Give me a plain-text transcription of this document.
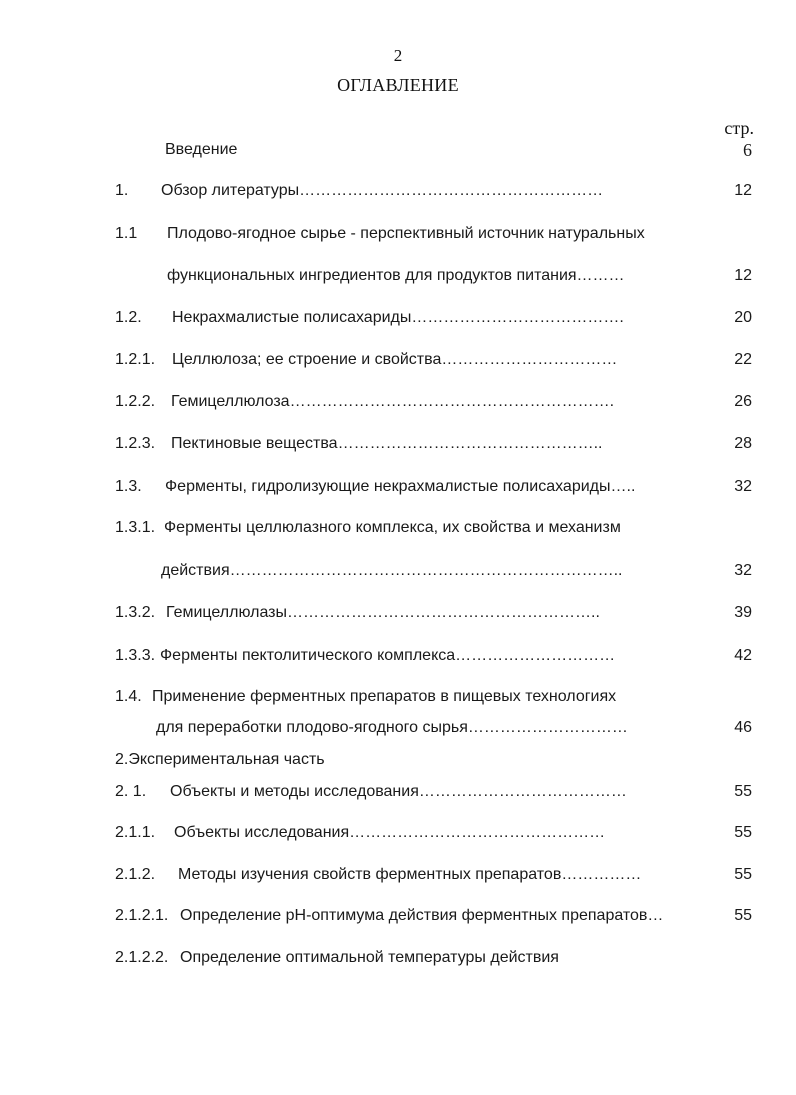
2
ОГЛАВЛЕНИЕ
стр.
Введение	6
1. Обзор литературы…………………………………………………	12
1.1 Плодово-ягодное сырье - перспективный источник натуральных
функциональных ингредиентов для продуктов питания………	12
1.2. Некрахмалистые полисахариды………………………………….	20
1.2.1. Целлюлоза; ее строение и свойства……………………………	22
1.2.2. Гемицеллюлоза…………………………………………………….	26
1.2.3. Пектиновые вещества…………………………………………..	28
1.3. Ферменты, гидролизующие некрахмалистые полисахариды…..	32
1.3.1. Ферменты целлюлазного комплекса, их свойства и механизм
действия………………………………………………………………..	32
1.3.2. Гемицеллюлазы…………………………………………………..	39
1.3.3. Ферменты пектолитического комплекса…………………………	42
1.4. Применение ферментных препаратов в пищевых технологиях
для переработки плодово-ягодного сырья…………………………	46
2.Экспериментальная часть
2. 1. Объекты и методы исследования…………………………………	55
2.1.1. Объекты исследования…………………………………………	55
2.1.2. Методы изучения свойств ферментных препаратов……………	55
2.1.2.1. Определение pH-оптимума действия ферментных препаратов…	55
2.1.2.2. Определение оптимальной температуры действия
